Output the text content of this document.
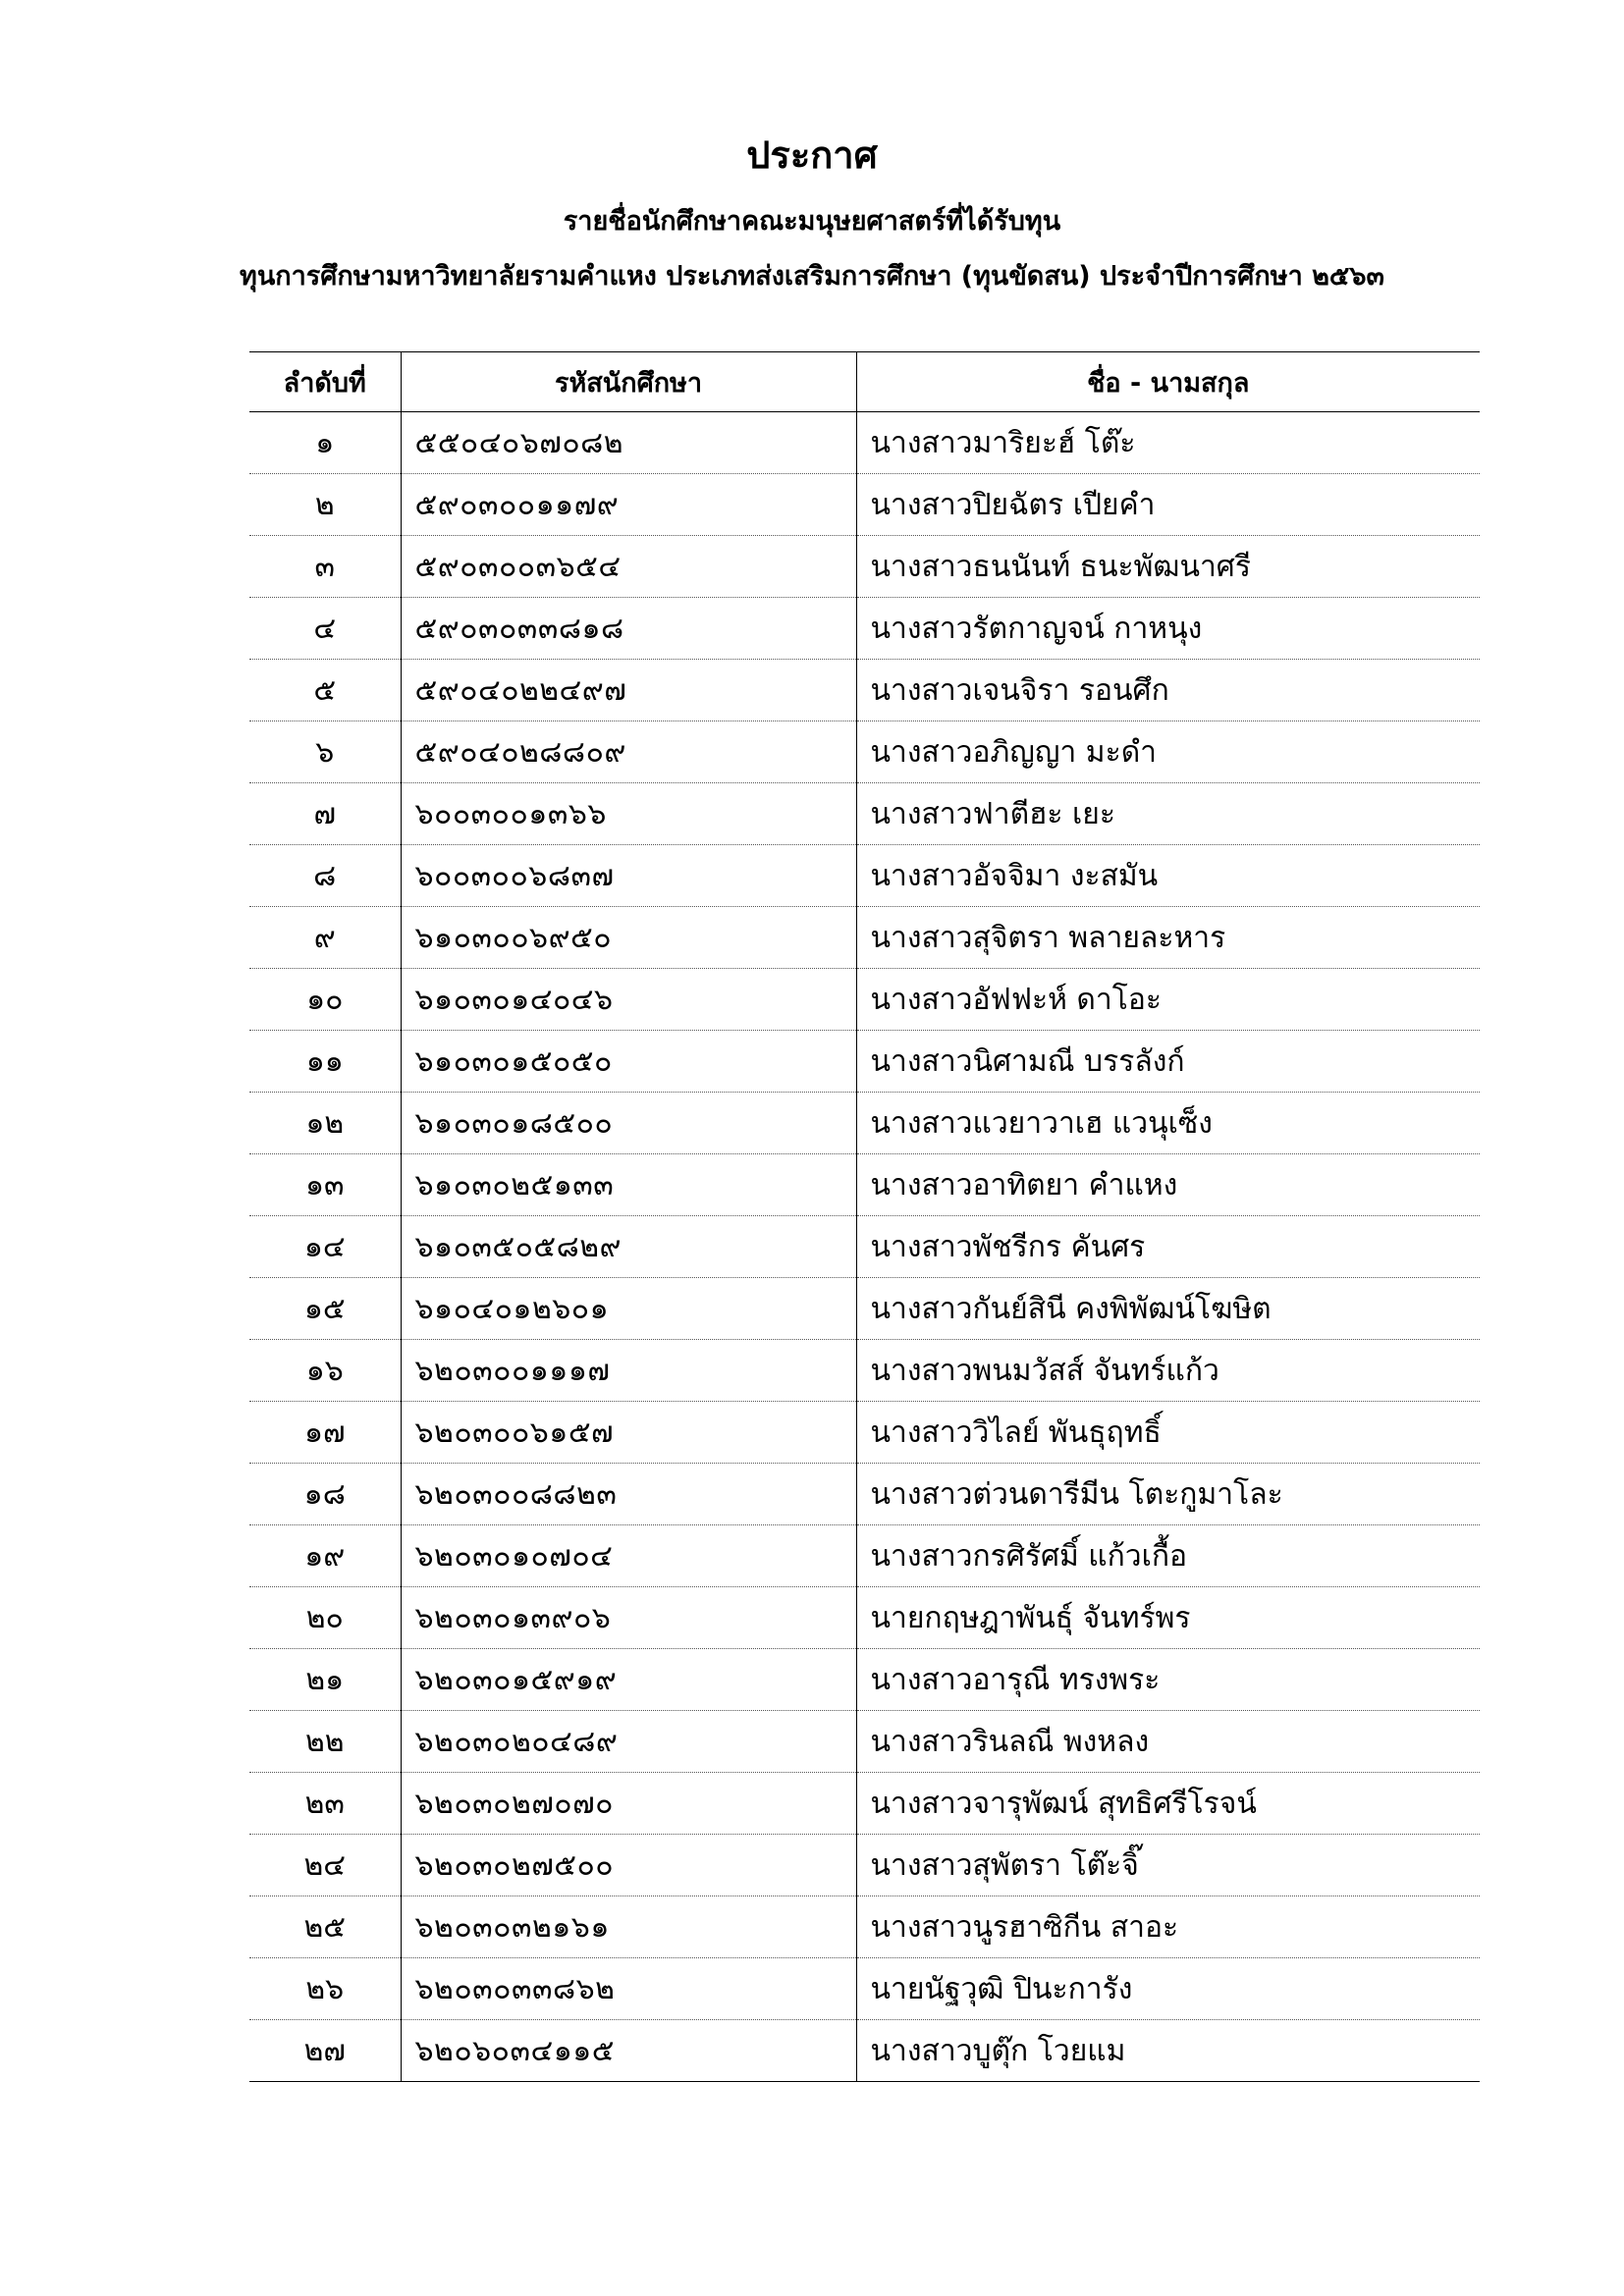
ประกาศ
รายชื่อนักศึกษาคณะมนุษยศาสตร์ที่ได้รับทุน
ทุนการศึกษามหาวิทยาลัยรามคำแหง ประเภทส่งเสริมการศึกษา (ทุนขัดสน) ประจำปีการศึกษา ๒๕๖๓
ลำดับที่	รหัสนักศึกษา	ชื่อ - นามสกุล
๑	๕๕๐๔๐๖๗๐๘๒	นางสาวมาริยะฮ์ โต๊ะ
๒	๕๙๐๓๐๐๑๑๗๙	นางสาวปิยฉัตร เปียคำ
๓	๕๙๐๓๐๐๓๖๕๔	นางสาวธนนันท์ ธนะพัฒนาศรี
๔	๕๙๐๓๐๓๓๘๑๘	นางสาวรัตกาญจน์ กาหนุง
๕	๕๙๐๔๐๒๒๔๙๗	นางสาวเจนจิรา รอนศึก
๖	๕๙๐๔๐๒๘๘๐๙	นางสาวอภิญญา มะดำ
๗	๖๐๐๓๐๐๑๓๖๖	นางสาวฟาตีฮะ เยะ
๘	๖๐๐๓๐๐๖๘๓๗	นางสาวอัจจิมา งะสมัน
๙	๖๑๐๓๐๐๖๙๕๐	นางสาวสุจิตรา พลายละหาร
๑๐	๖๑๐๓๐๑๔๐๔๖	นางสาวอัฟฟะห์ ดาโอะ
๑๑	๖๑๐๓๐๑๕๐๕๐	นางสาวนิศามณี บรรลังก์
๑๒	๖๑๐๓๐๑๘๕๐๐	นางสาวแวยาวาเฮ แวนุเซ็ง
๑๓	๖๑๐๓๐๒๕๑๓๓	นางสาวอาทิตยา คำแหง
๑๔	๖๑๐๓๕๐๕๘๒๙	นางสาวพัชรีกร คันศร
๑๕	๖๑๐๔๐๑๒๖๐๑	นางสาวกันย์สินี คงพิพัฒน์โฆษิต
๑๖	๖๒๐๓๐๐๑๑๑๗	นางสาวพนมวัสส์ จันทร์แก้ว
๑๗	๖๒๐๓๐๐๖๑๕๗	นางสาววิไลย์ พันธุฤทธิ์
๑๘	๖๒๐๓๐๐๘๘๒๓	นางสาวต่วนดารีมีน โตะกูมาโละ
๑๙	๖๒๐๓๐๑๐๗๐๔	นางสาวกรศิรัศมิ์ แก้วเกื้อ
๒๐	๖๒๐๓๐๑๓๙๐๖	นายกฤษฎาพันธุ์ จันทร์พร
๒๑	๖๒๐๓๐๑๕๙๑๙	นางสาวอารุณี ทรงพระ
๒๒	๖๒๐๓๐๒๐๔๘๙	นางสาวรินลณี พงหลง
๒๓	๖๒๐๓๐๒๗๐๗๐	นางสาวจารุพัฒน์ สุทธิศรีโรจน์
๒๔	๖๒๐๓๐๒๗๕๐๐	นางสาวสุพัตรา โต๊ะจิ๊
๒๕	๖๒๐๓๐๓๒๑๖๑	นางสาวนูรฮาซิกีน สาอะ
๒๖	๖๒๐๓๐๓๓๘๖๒	นายนัฐวุฒิ ปินะการัง
๒๗	๖๒๐๖๐๓๔๑๑๕	นางสาวบูตุ๊ก โวยแม
